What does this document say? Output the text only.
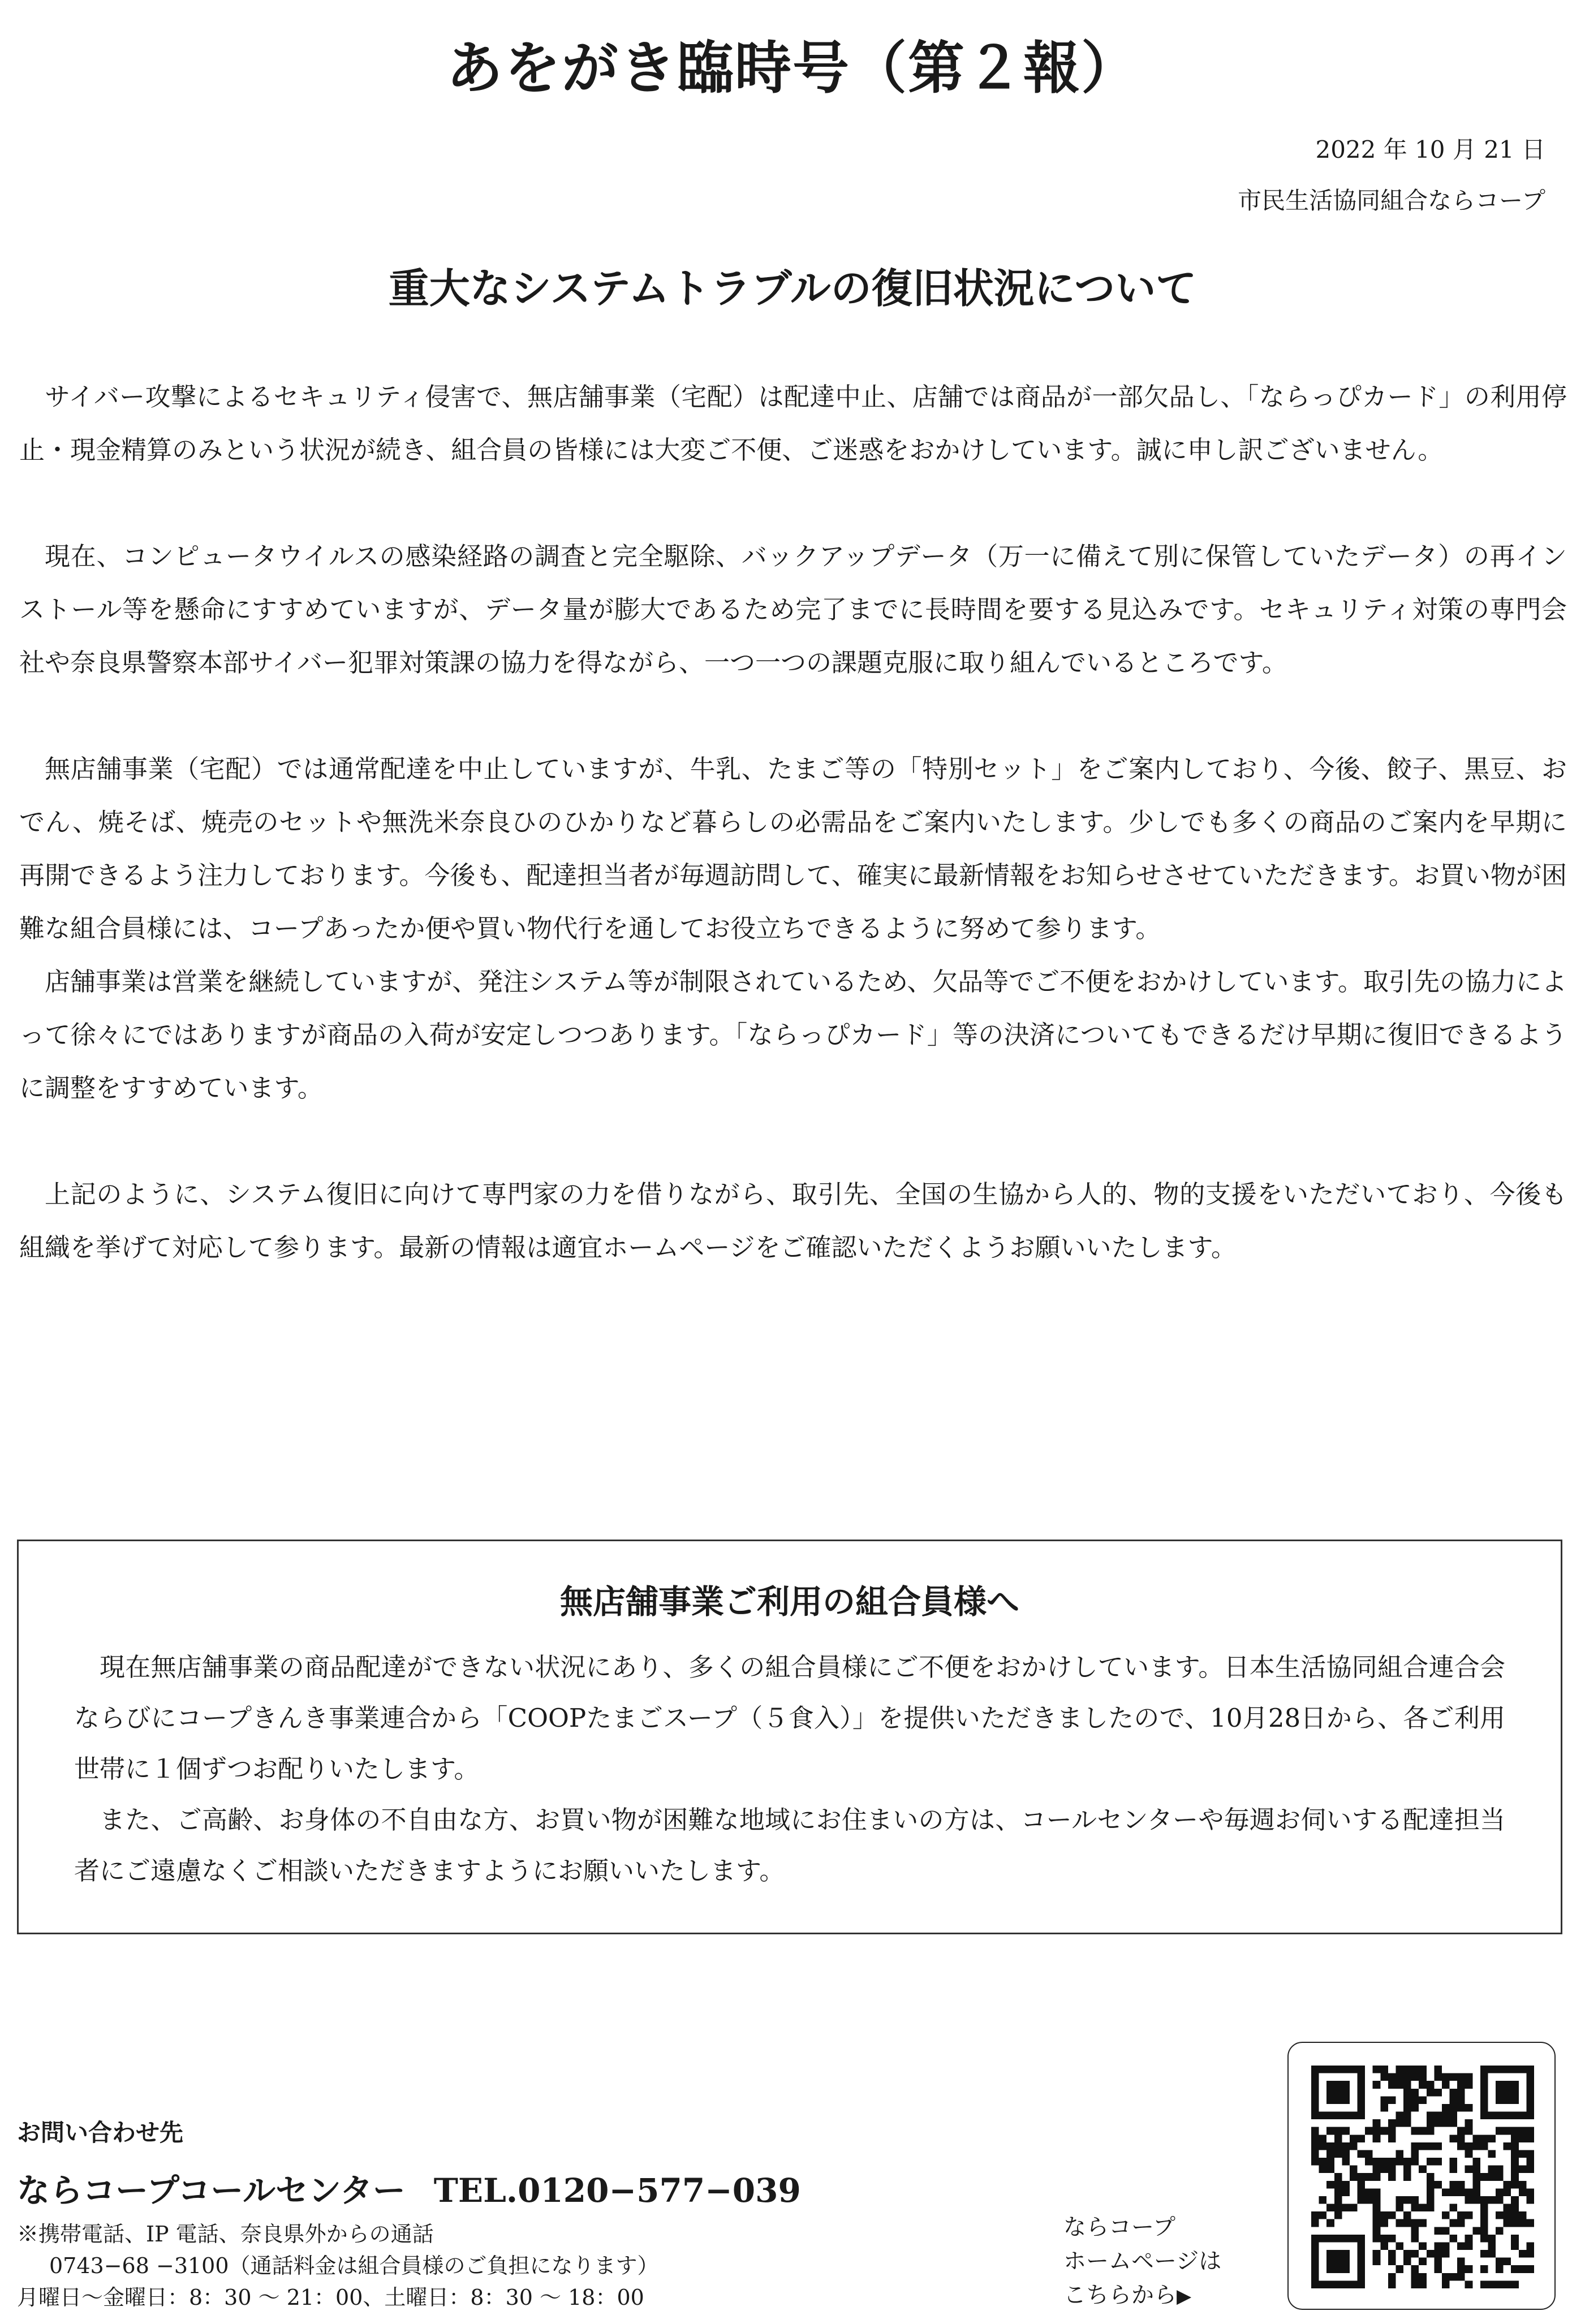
あをがき臨時号（第２報）
2022 年 10 月 21 日
市民生活協同組合ならコープ
重大なシステムトラブルの復旧状況について

サイバー攻撃によるセキュリティ侵害で、無店舗事業（宅配）は配達中止、店舗では商品が一部欠品し、「ならっぴカード」の利用停止・現金精算のみという状況が続き、組合員の皆様には大変ご不便、ご迷惑をおかけしています。誠に申し訳ございません。

現在、コンピュータウイルスの感染経路の調査と完全駆除、バックアップデータ（万一に備えて別に保管していたデータ）の再インストール等を懸命にすすめていますが、データ量が膨大であるため完了までに長時間を要する見込みです。セキュリティ対策の専門会社や奈良県警察本部サイバー犯罪対策課の協力を得ながら、一つ一つの課題克服に取り組んでいるところです。

無店舗事業（宅配）では通常配達を中止していますが、牛乳、たまご等の「特別セット」をご案内しており、今後、餃子、黒豆、おでん、焼そば、焼売のセットや無洗米奈良ひのひかりなど暮らしの必需品をご案内いたします。少しでも多くの商品のご案内を早期に再開できるよう注力しております。今後も、配達担当者が毎週訪問して、確実に最新情報をお知らせさせていただきます。お買い物が困難な組合員様には、コープあったか便や買い物代行を通してお役立ちできるように努めて参ります。

店舗事業は営業を継続していますが、発注システム等が制限されているため、欠品等でご不便をおかけしています。取引先の協力によって徐々にではありますが商品の入荷が安定しつつあります。「ならっぴカード」等の決済についてもできるだけ早期に復旧できるように調整をすすめています。

上記のように、システム復旧に向けて専門家の力を借りながら、取引先、全国の生協から人的、物的支援をいただいており、今後も組織を挙げて対応して参ります。最新の情報は適宜ホームページをご確認いただくようお願いいたします。

無店舗事業ご利用の組合員様へ

現在無店舗事業の商品配達ができない状況にあり、多くの組合員様にご不便をおかけしています。日本生活協同組合連合会ならびにコープきんき事業連合から「COOPたまごスープ（５食入）」を提供いただきましたので、10月28日から、各ご利用世帯に１個ずつお配りいたします。

また、ご高齢、お身体の不自由な方、お買い物が困難な地域にお住まいの方は、コールセンターや毎週お伺いする配達担当者にご遠慮なくご相談いただきますようにお願いいたします。

お問い合わせ先
ならコープコールセンター TEL.0120−577−039
※携帯電話、IP 電話、奈良県外からの通話
0743−68 −3100（通話料金は組合員様のご負担になります）
月曜日～金曜日：8：30 ～ 21：00、土曜日：8：30 ～ 18：00
ならコープ
ホームページは
こちらから▶
